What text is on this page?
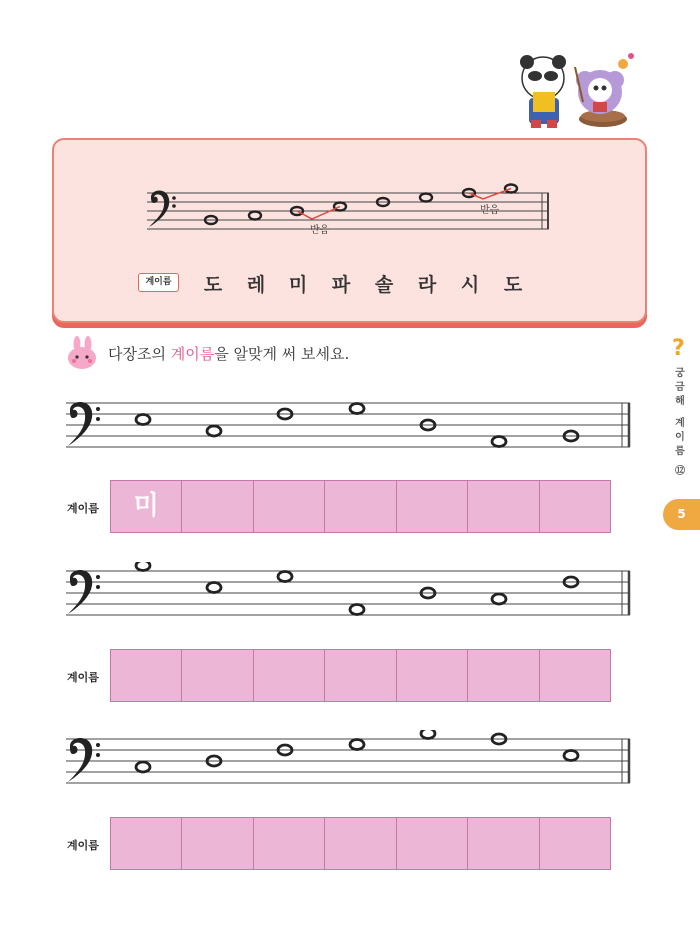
반음
반음
계이름	도 레 미 파 솔 라 시 도
다장조의 계이름을 알맞게 써 보세요.
계이름	미
계이름
계이름
?
궁
금
해
계
이
름
⑫
5
